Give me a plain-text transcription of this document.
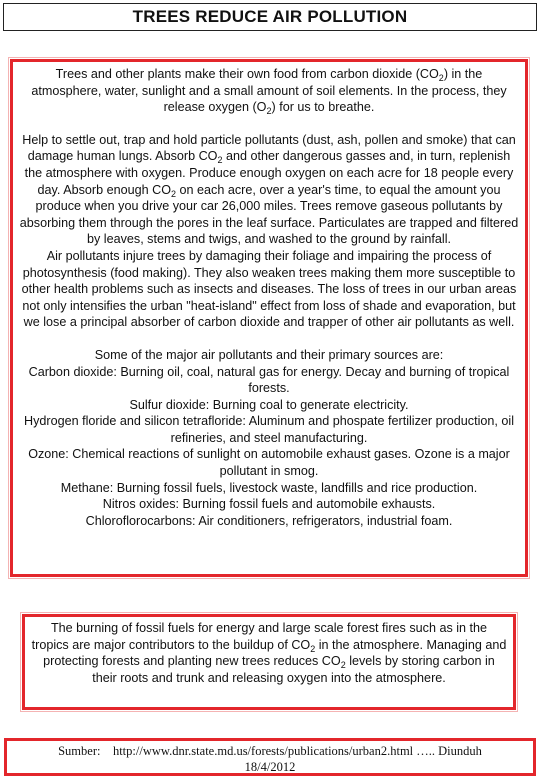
TREES REDUCE AIR POLLUTION

Trees and other plants make their own food from carbon dioxide $(CO_2)$ in the atmosphere, water, sunlight and a small amount of soil elements. In the process, they release oxygen $(O_2)$ for us to breathe.

Help to settle out, trap and hold particle pollutants (dust, ash, pollen and smoke) that can damage human lungs. Absorb $CO_2$ and other dangerous gasses and, in turn, replenish the atmosphere with oxygen. Produce enough oxygen on each acre for 18 people every day. Absorb enough $CO_2$ on each acre, over a year's time, to equal the amount you produce when you drive your car 26,000 miles. Trees remove gaseous pollutants by absorbing them through the pores in the leaf surface. Particulates are trapped and filtered by leaves, stems and twigs, and washed to the ground by rainfall.

Air pollutants injure trees by damaging their foliage and impairing the process of photosynthesis (food making). They also weaken trees making them more susceptible to other health problems such as insects and diseases. The loss of trees in our urban areas not only intensifies the urban "heat-island" effect from loss of shade and evaporation, but we lose a principal absorber of carbon dioxide and trapper of other air pollutants as well.

Some of the major air pollutants and their primary sources are:

Carbon dioxide: Burning oil, coal, natural gas for energy. Decay and burning of tropical forests.

Sulfur dioxide: Burning coal to generate electricity.

Hydrogen floride and silicon tetrafloride: Aluminum and phospate fertilizer production, oil refineries, and steel manufacturing.

Ozone: Chemical reactions of sunlight on automobile exhaust gases. Ozone is a major pollutant in smog.

Methane: Burning fossil fuels, livestock waste, landfills and rice production.

Nitros oxides: Burning fossil fuels and automobile exhausts.

Chloroflorocarbons: Air conditioners, refrigerators, industrial foam.

The burning of fossil fuels for energy and large scale forest fires such as in the tropics are major contributors to the buildup of $CO_2$ in the atmosphere. Managing and protecting forests and planting new trees reduces $CO_2$ levels by storing carbon in their roots and trunk and releasing oxygen into the atmosphere.

Sumber:    http://www.dnr.state.md.us/forests/publications/urban2.html ….. Diunduh
18/4/2012
